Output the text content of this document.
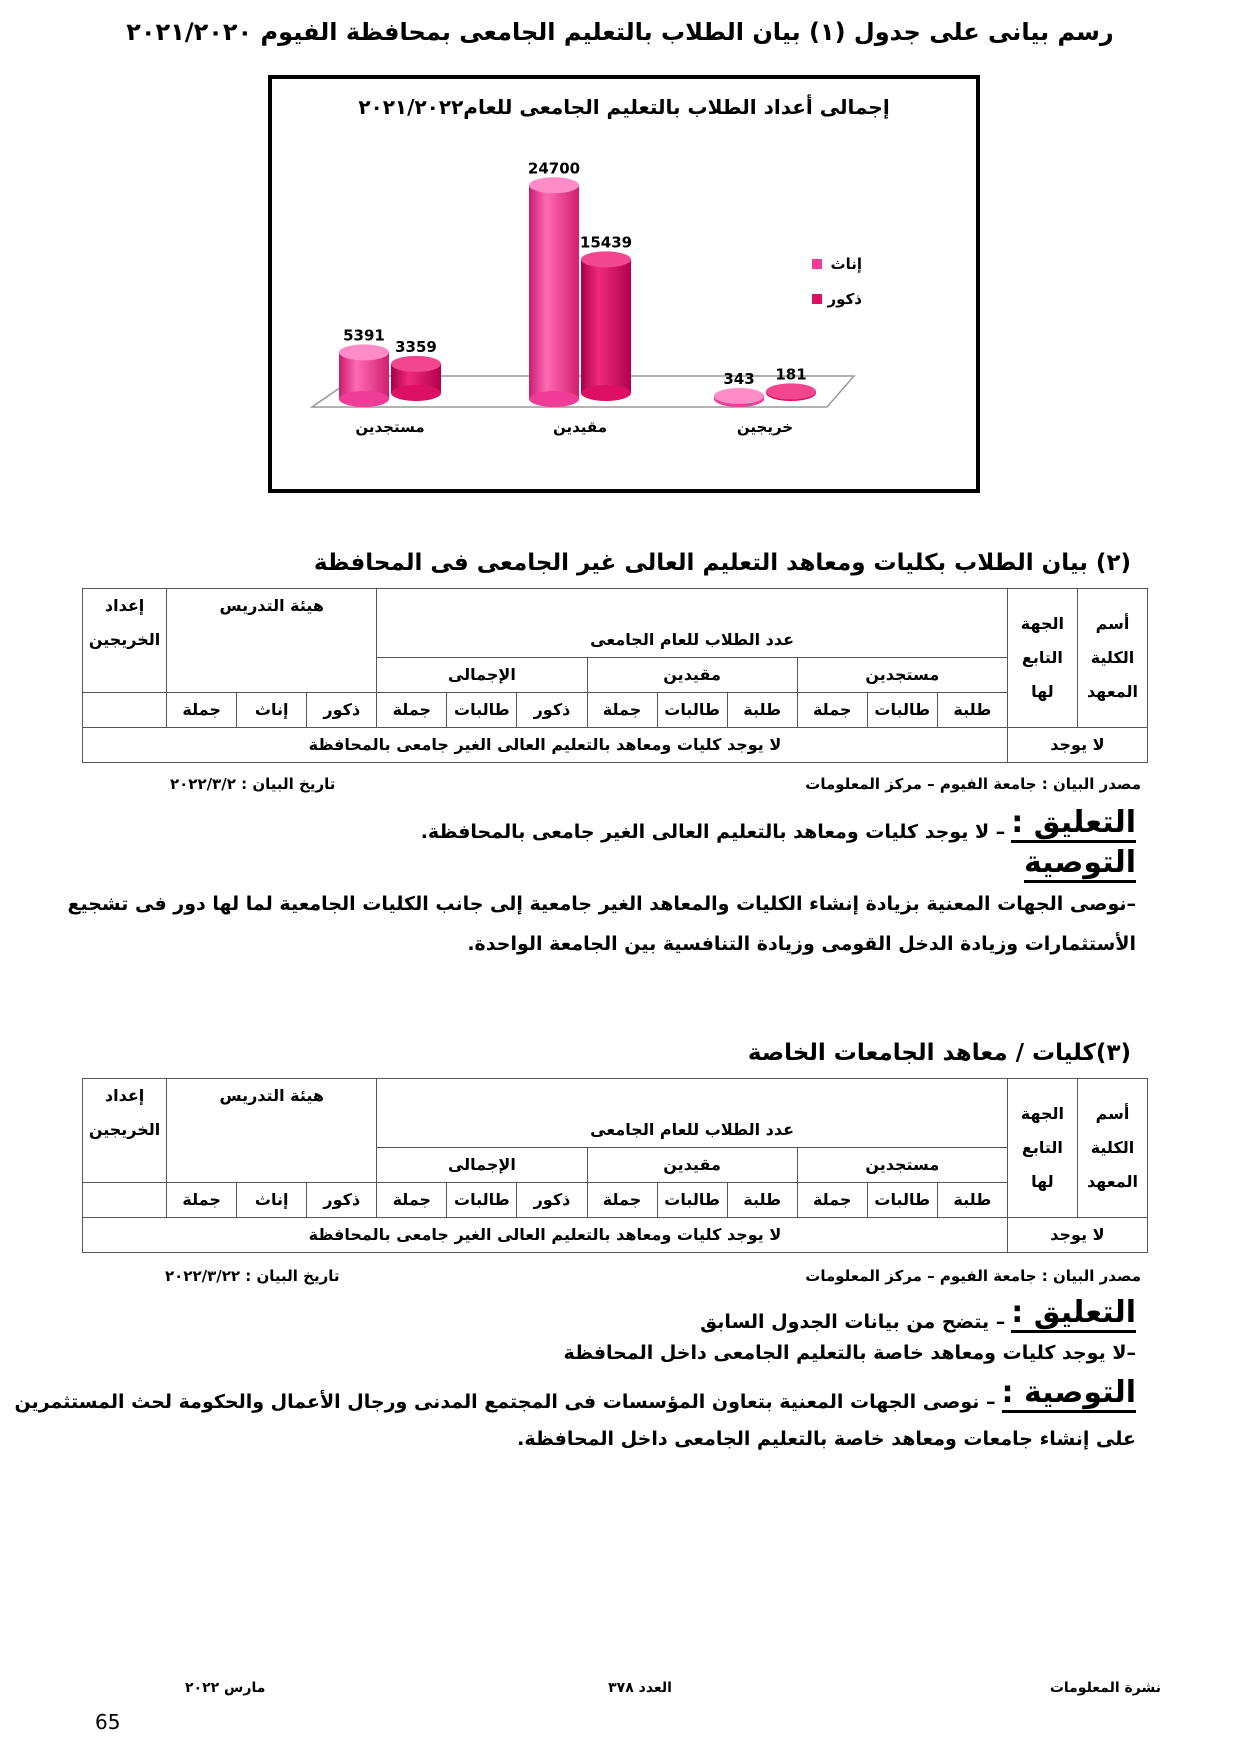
رسم بيانى على جدول (١) بيان الطلاب بالتعليم الجامعى بمحافظة الفيوم ٢٠٢١/٢٠٢٠
إجمالى أعداد الطلاب بالتعليم الجامعى للعام٢٠٢١/٢٠٢٢
5391
3359
مستجدين
24700
15439
مقيدين
343 181
خريجين
إناث
ذكور
(٢) بيان الطلاب بكليات ومعاهد التعليم العالى غير الجامعى فى المحافظة
أسم
الكلية
المعهد	الجهة
التابع
لها	عدد الطلاب للعام الجامعى									هيئة التدريس			إعداد
الخريجين

		مستجدين			مقيدين			الإجمالى						
		طلبة	طالبات	جملة	طلبة	طالبات	جملة	ذكور	طالبات	جملة	ذكور	إناث	جملة	
لا يوجد		لا يوجد كليات ومعاهد بالتعليم العالى الغير جامعى بالمحافظة												
مصدر البيان : جامعة الفيوم – مركز المعلومات
تاريخ البيان : ٢٠٢٢/٣/٢
التعليق :
– لا يوجد كليات ومعاهد بالتعليم العالى الغير جامعى بالمحافظة.
التوصية
–نوصى الجهات المعنية بزيادة إنشاء الكليات والمعاهد الغير جامعية إلى جانب الكليات الجامعية لما لها دور فى تشجيع
الأستثمارات وزيادة الدخل القومى وزيادة التنافسية بين الجامعة الواحدة.
(٣)كليات / معاهد الجامعات الخاصة
أسم
الكلية
المعهد	الجهة
التابع
لها	عدد الطلاب للعام الجامعى									هيئة التدريس			إعداد
الخريجين

		مستجدين			مقيدين			الإجمالى						
		طلبة	طالبات	جملة	طلبة	طالبات	جملة	ذكور	طالبات	جملة	ذكور	إناث	جملة	
لا يوجد		لا يوجد كليات ومعاهد بالتعليم العالى الغير جامعى بالمحافظة												
مصدر البيان : جامعة الفيوم – مركز المعلومات
تاريخ البيان : ٢٠٢٢/٣/٢٢
التعليق :
– يتضح من بيانات الجدول السابق
–لا يوجد كليات ومعاهد خاصة بالتعليم الجامعى داخل المحافظة
التوصية :
– نوصى الجهات المعنية بتعاون المؤسسات فى المجتمع المدنى ورجال الأعمال والحكومة لحث المستثمرين
على إنشاء جامعات ومعاهد خاصة بالتعليم الجامعى داخل المحافظة.
نشرة المعلومات
العدد ٣٧٨
مارس ٢٠٢٢
65
